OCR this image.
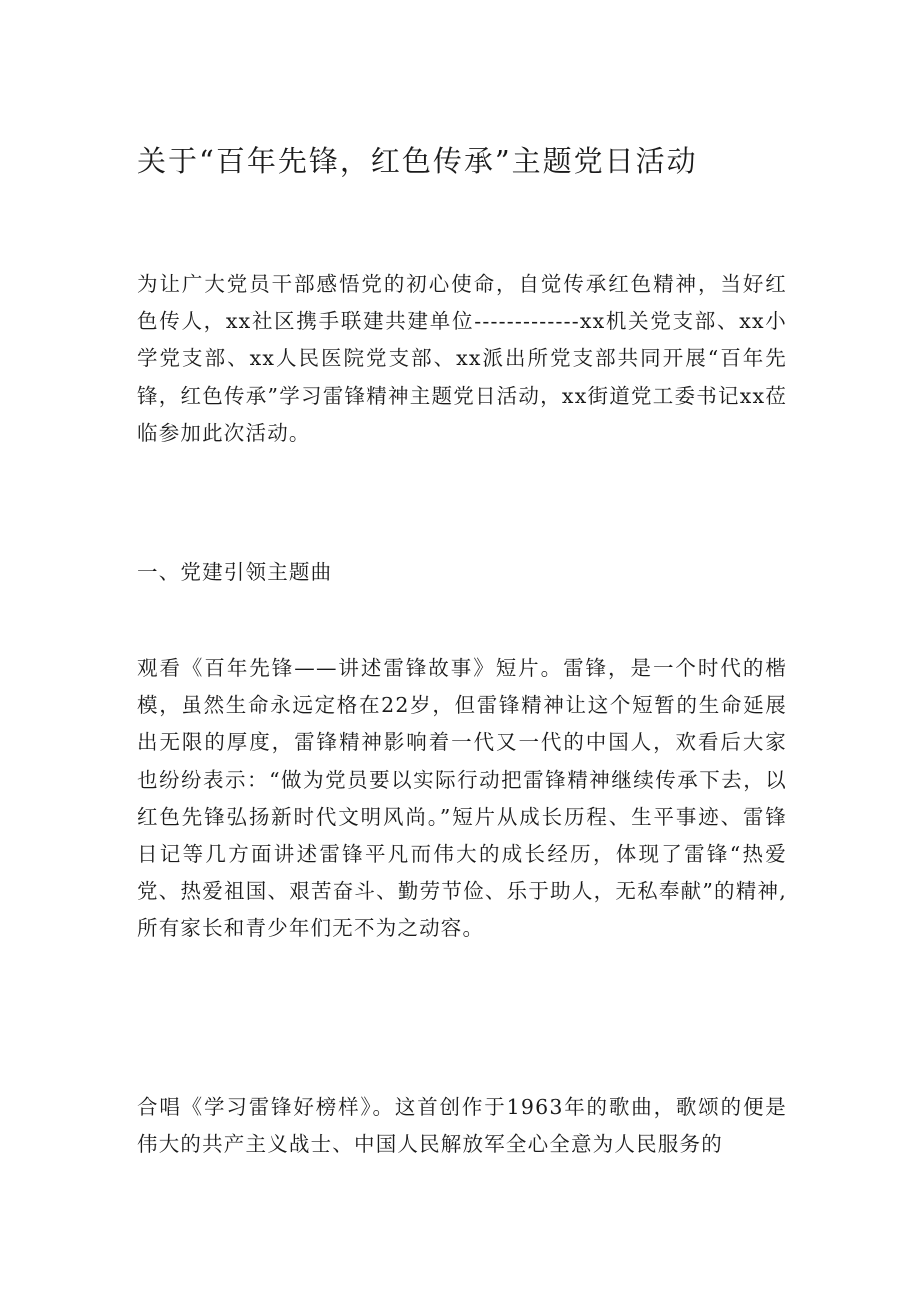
关于“百年先锋，红色传承”主题党日活动

为让广大党员干部感悟党的初心使命，自觉传承红色精神，当好红色传人，xx社区携手联建共建单位-------------xx机关党支部、xx小学党支部、xx人民医院党支部、xx派出所党支部共同开展“百年先锋，红色传承”学习雷锋精神主题党日活动，xx街道党工委书记xx莅临参加此次活动。

一、党建引领主题曲

观看《百年先锋——讲述雷锋故事》短片。雷锋，是一个时代的楷模，虽然生命永远定格在22岁，但雷锋精神让这个短暂的生命延展出无限的厚度，雷锋精神影响着一代又一代的中国人，欢看后大家也纷纷表示：“做为党员要以实际行动把雷锋精神继续传承下去，以红色先锋弘扬新时代文明风尚。”短片从成长历程、生平事迹、雷锋日记等几方面讲述雷锋平凡而伟大的成长经历，体现了雷锋“热爱党、热爱祖国、艰苦奋斗、勤劳节俭、乐于助人，无私奉献”的精神,所有家长和青少年们无不为之动容。

合唱《学习雷锋好榜样》。这首创作于1963年的歌曲，歌颂的便是伟大的共产主义战士、中国人民解放军全心全意为人民服务的
